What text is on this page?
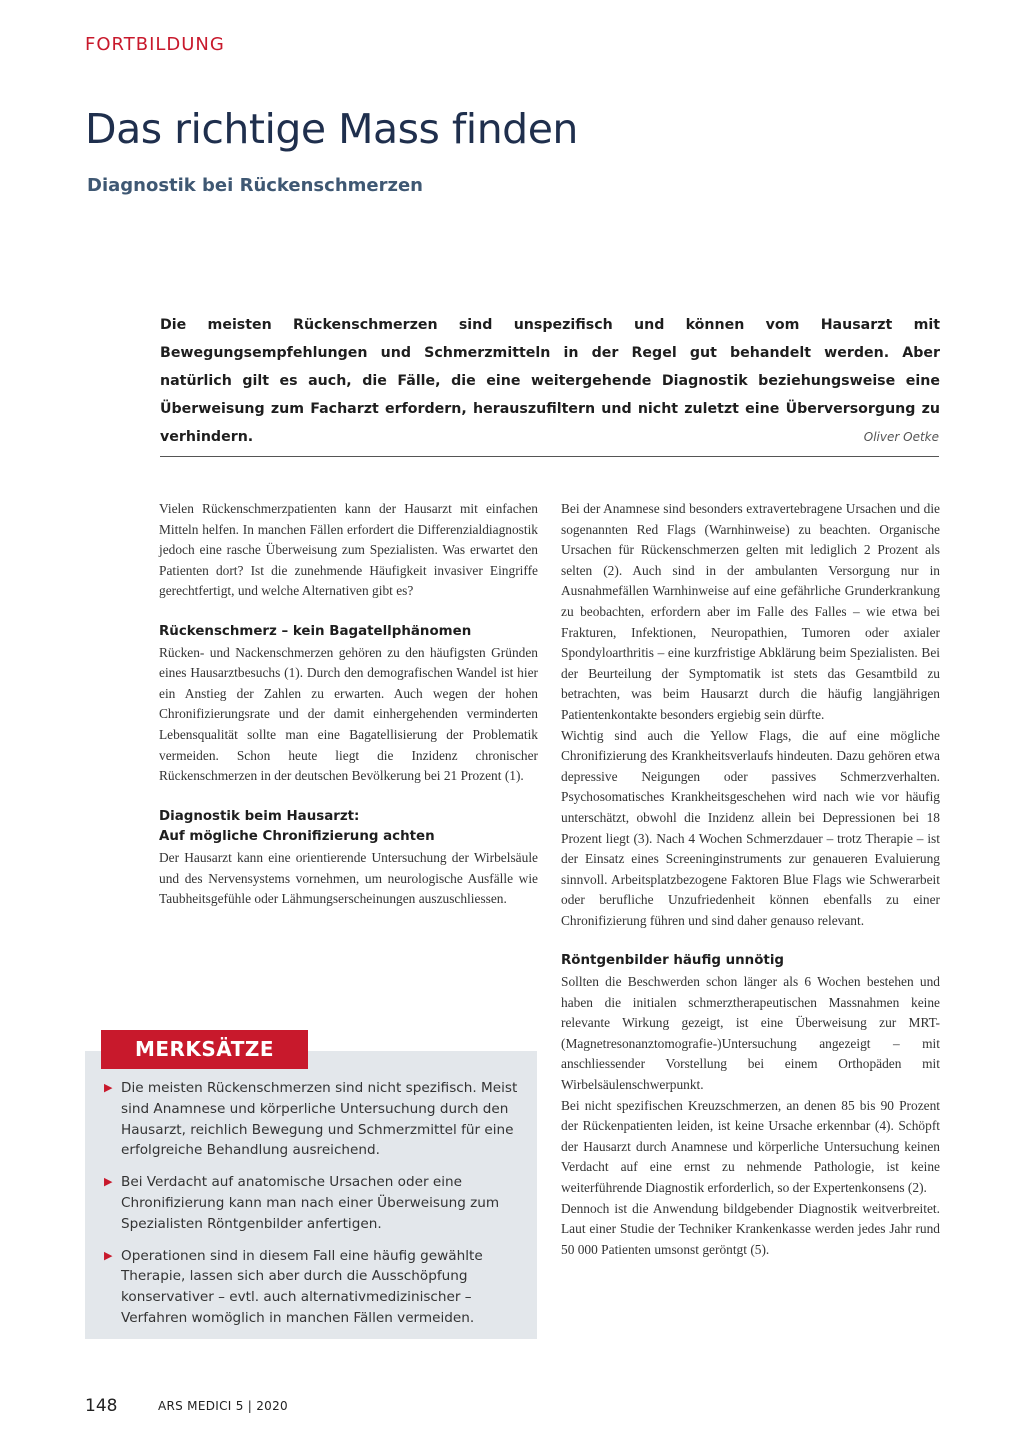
FORTBILDUNG
Das richtige Mass finden
Diagnostik bei Rückenschmerzen

Die meisten Rückenschmerzen sind unspezifisch und können vom Hausarzt mit Bewegungsempfehlungen und Schmerzmitteln in der Regel gut behandelt werden. Aber natürlich gilt es auch, die Fälle, die eine weitergehende Diagnostik beziehungsweise eine Überweisung zum Facharzt erfordern, herauszufiltern und nicht zuletzt eine Überversorgung zu verhindern.	Oliver Oetke

Vielen Rückenschmerzpatienten kann der Hausarzt mit einfachen Mitteln helfen. In manchen Fällen erfordert die Differenzialdiagnostik jedoch eine rasche Überweisung zum Spezialisten. Was erwartet den Patienten dort? Ist die zunehmende Häufigkeit invasiver Eingriffe gerechtfertigt, und welche Alternativen gibt es?

Rückenschmerz – kein Bagatellphänomen

Rücken- und Nackenschmerzen gehören zu den häufigsten Gründen eines Hausarztbesuchs (1). Durch den demografischen Wandel ist hier ein Anstieg der Zahlen zu erwarten. Auch wegen der hohen Chronifizierungsrate und der damit einhergehenden verminderten Lebensqualität sollte man eine Bagatellisierung der Problematik vermeiden. Schon heute liegt die Inzidenz chronischer Rückenschmerzen in der deutschen Bevölkerung bei 21 Prozent (1).

Diagnostik beim Hausarzt:
Auf mögliche Chronifizierung achten

Der Hausarzt kann eine orientierende Untersuchung der Wirbelsäule und des Nervensystems vornehmen, um neurologische Ausfälle wie Taubheitsgefühle oder Lähmungserscheinungen auszuschliessen.

Bei der Anamnese sind besonders extravertebragene Ursachen und die sogenannten Red Flags (Warnhinweise) zu beachten. Organische Ursachen für Rückenschmerzen gelten mit lediglich 2 Prozent als selten (2). Auch sind in der ambulanten Versorgung nur in Ausnahmefällen Warnhinweise auf eine gefährliche Grunderkrankung zu beobachten, erfordern aber im Falle des Falles – wie etwa bei Frakturen, Infektionen, Neuropathien, Tumoren oder axialer Spondyloarthritis – eine kurzfristige Abklärung beim Spezialisten. Bei der Beurteilung der Symptomatik ist stets das Gesamtbild zu betrachten, was beim Hausarzt durch die häufig langjährigen Patientenkontakte besonders ergiebig sein dürfte.

Wichtig sind auch die Yellow Flags, die auf eine mögliche Chronifizierung des Krankheitsverlaufs hindeuten. Dazu gehören etwa depressive Neigungen oder passives Schmerzverhalten. Psychosomatisches Krankheitsgeschehen wird nach wie vor häufig unterschätzt, obwohl die Inzidenz allein bei Depressionen bei 18 Prozent liegt (3). Nach 4 Wochen Schmerzdauer – trotz Therapie – ist der Einsatz eines Screeninginstruments zur genaueren Evaluierung sinnvoll. Arbeitsplatzbezogene Faktoren Blue Flags wie Schwerarbeit oder berufliche Unzufriedenheit können ebenfalls zu einer Chronifizierung führen und sind daher genauso relevant.

Röntgenbilder häufig unnötig

Sollten die Beschwerden schon länger als 6 Wochen bestehen und haben die initialen schmerztherapeutischen Massnahmen keine relevante Wirkung gezeigt, ist eine Überweisung zur MRT-(Magnetresonanztomografie-)Untersuchung angezeigt – mit anschliessender Vorstellung bei einem Orthopäden mit Wirbelsäulenschwerpunkt.

Bei nicht spezifischen Kreuzschmerzen, an denen 85 bis 90 Prozent der Rückenpatienten leiden, ist keine Ursache erkennbar (4). Schöpft der Hausarzt durch Anamnese und körperliche Untersuchung keinen Verdacht auf eine ernst zu nehmende Pathologie, ist keine weiterführende Diagnostik erforderlich, so der Expertenkonsens (2).

Dennoch ist die Anwendung bildgebender Diagnostik weitverbreitet. Laut einer Studie der Techniker Krankenkasse werden jedes Jahr rund 50 000 Patienten umsonst geröntgt (5).

MERKSÄTZE
▶ Die meisten Rückenschmerzen sind nicht spezifisch. Meist sind Anamnese und körperliche Untersuchung durch den Hausarzt, reichlich Bewegung und Schmerzmittel für eine erfolgreiche Behandlung ausreichend.
▶ Bei Verdacht auf anatomische Ursachen oder eine Chronifizierung kann man nach einer Überweisung zum Spezialisten Röntgenbilder anfertigen.
▶ Operationen sind in diesem Fall eine häufig gewählte Therapie, lassen sich aber durch die Ausschöpfung konservativer – evtl. auch alternativmedizinischer – Verfahren womöglich in manchen Fällen vermeiden.
148	ARS MEDICI 5 | 2020
